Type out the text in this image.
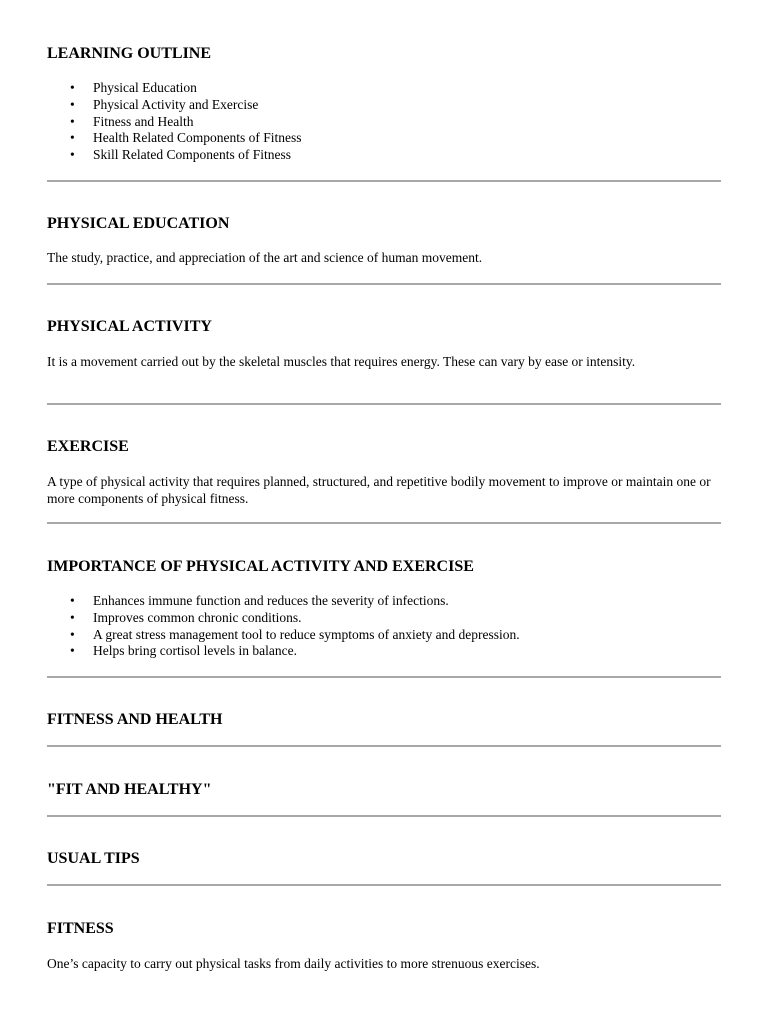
LEARNING OUTLINE
• Physical Education
• Physical Activity and Exercise
• Fitness and Health
• Health Related Components of Fitness
• Skill Related Components of Fitness
PHYSICAL EDUCATION

The study, practice, and appreciation of the art and science of human movement.

PHYSICAL ACTIVITY

It is a movement carried out by the skeletal muscles that requires energy. These can vary by ease or intensity.

EXERCISE

A type of physical activity that requires planned, structured, and repetitive bodily movement to improve or maintain one or more components of physical fitness.

IMPORTANCE OF PHYSICAL ACTIVITY AND EXERCISE
• Enhances immune function and reduces the severity of infections.
• Improves common chronic conditions.
• A great stress management tool to reduce symptoms of anxiety and depression.
• Helps bring cortisol levels in balance.
FITNESS AND HEALTH
"FIT AND HEALTHY"
USUAL TIPS
FITNESS

One’s capacity to carry out physical tasks from daily activities to more strenuous exercises.
